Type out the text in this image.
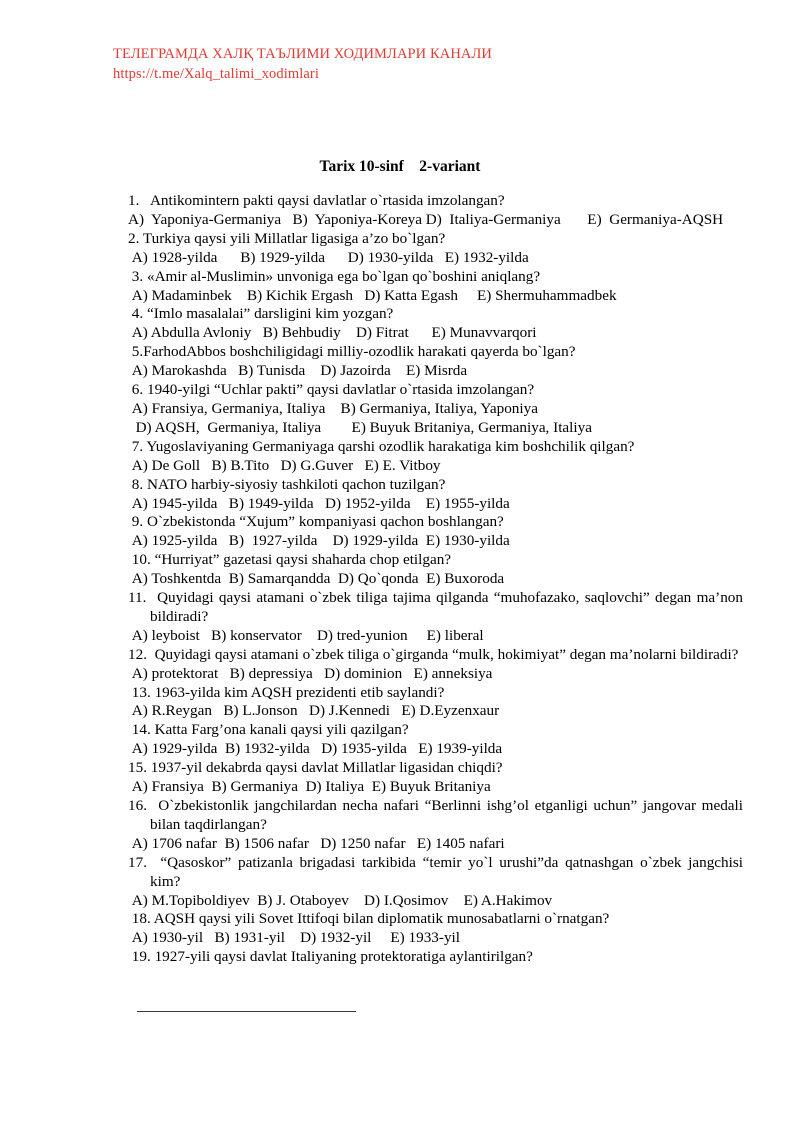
ТЕЛЕГРАМДА ХАЛҚ ТАЪЛИМИ ХОДИМЛАРИ КАНАЛИ
https://t.me/Xalq_talimi_xodimlari
Tarix 10-sinf    2-variant
1.   Antikomintern pakti qaysi davlatlar o`rtasida imzolangan?
A)  Yaponiya-Germaniya   B)  Yaponiya-Koreya D)  Italiya-Germaniya       E)  Germaniya-AQSH
2. Turkiya qaysi yili Millatlar ligasiga a’zo bo`lgan?
A) 1928-yilda      B) 1929-yilda      D) 1930-yilda   E) 1932-yilda
3. «Amir al-Muslimin» unvoniga ega bo`lgan qo`boshini aniqlang?
A) Madaminbek    B) Kichik Ergash   D) Katta Egash     E) Shermuhammadbek
4. “Imlo masalalai” darsligini kim yozgan?
A) Abdulla Avloniy   B) Behbudiy    D) Fitrat      E) Munavvarqori
5.FarhodAbbos boshchiligidagi milliy-ozodlik harakati qayerda bo`lgan?
A) Marokashda   B) Tunisda    D) Jazoirda    E) Misrda
6. 1940-yilgi “Uchlar pakti” qaysi davlatlar o`rtasida imzolangan?
A) Fransiya, Germaniya, Italiya    B) Germaniya, Italiya, Yaponiya
D) AQSH,  Germaniya, Italiya        E) Buyuk Britaniya, Germaniya, Italiya
7. Yugoslaviyaning Germaniyaga qarshi ozodlik harakatiga kim boshchilik qilgan?
A) De Goll   B) B.Tito   D) G.Guver   E) E. Vitboy
8. NATO harbiy-siyosiy tashkiloti qachon tuzilgan?
A) 1945-yilda   B) 1949-yilda   D) 1952-yilda    E) 1955-yilda
9. O`zbekistonda “Xujum” kompaniyasi qachon boshlangan?
A) 1925-yilda   B)  1927-yilda    D) 1929-yilda  E) 1930-yilda
10. “Hurriyat” gazetasi qaysi shaharda chop etilgan?
A) Toshkentda  B) Samarqandda  D) Qo`qonda  E) Buxoroda
11.  Quyidagi qaysi atamani o`zbek tiliga tajima qilganda “muhofazako, saqlovchi” degan ma’non bildiradi?
A) leyboist   B) konservator    D) tred-yunion     E) liberal
12.  Quyidagi qaysi atamani o`zbek tiliga o`girganda “mulk, hokimiyat” degan ma’nolarni bildiradi?
A) protektorat   B) depressiya   D) dominion   E) anneksiya
13. 1963-yilda kim AQSH prezidenti etib saylandi?
A) R.Reygan   B) L.Jonson   D) J.Kennedi   E) D.Eyzenxaur
14. Katta Farg’ona kanali qaysi yili qazilgan?
A) 1929-yilda  B) 1932-yilda   D) 1935-yilda   E) 1939-yilda
15. 1937-yil dekabrda qaysi davlat Millatlar ligasidan chiqdi?
A) Fransiya  B) Germaniya  D) Italiya  E) Buyuk Britaniya
16.  O`zbekistonlik jangchilardan necha nafari “Berlinni ishg’ol etganligi uchun” jangovar medali bilan taqdirlangan?
A) 1706 nafar  B) 1506 nafar   D) 1250 nafar   E) 1405 nafari
17.  “Qasoskor” patizanla brigadasi tarkibida “temir yo`l urushi”da qatnashgan o`zbek jangchisi kim?
A) M.Topiboldiyev  B) J. Otaboyev    D) I.Qosimov    E) A.Hakimov
18. AQSH qaysi yili Sovet Ittifoqi bilan diplomatik munosabatlarni o`rnatgan?
A) 1930-yil   B) 1931-yil    D) 1932-yil     E) 1933-yil
19. 1927-yili qaysi davlat Italiyaning protektoratiga aylantirilgan?
